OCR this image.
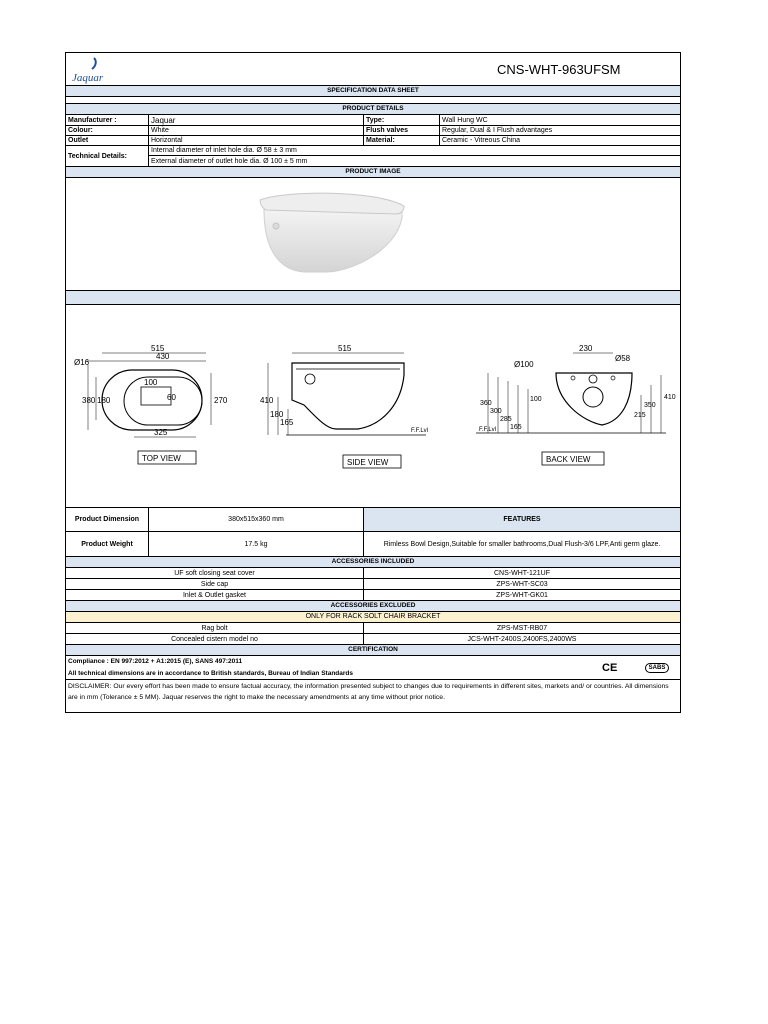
Jaquar
CNS-WHT-963UFSM
SPECIFICATION DATA SHEET
PRODUCT DETAILS
Manufacturer :	Jaquar	Type:	Wall Hung WC
Colour:	White	Flush valves	Regular, Dual & I Flush advantages
Outlet	Horizontal	Material:	Ceramic - Vitreous China
Technical Details:
Internal diameter of inlet hole dia. Ø 58 ± 3 mm
External diameter of outlet hole dia. Ø 100 ± 5 mm
PRODUCT IMAGE
515
430
Ø16
100
60
180
380	270
325
TOP VIEW
515
410
180
165
F.F.Lvl
SIDE VIEW
Ø100
230
Ø58
360
300
285
165
100
215
350
410
F.F.Lvl
BACK VIEW
Product Dimension	380x515x360 mm	FEATURES
Product Weight	17.5 kg	Rimless Bowl Design,Suitable for smaller bathrooms,Dual Flush-3/6 LPF,Anti germ glaze.
ACCESSORIES INCLUDED
UF soft closing seat cover	CNS-WHT-121UF
Side cap	ZPS-WHT-SC03
Inlet & Outlet gasket	ZPS-WHT-GK01
ACCESSORIES EXCLUDED
ONLY FOR RACK SOLT CHAIR BRACKET
Rag bolt	ZPS-MST-RB07
Concealed cistern model no	JCS-WHT-2400S,2400FS,2400WS
CERTIFICATION
Compliance : EN 997:2012 + A1:2015 (E), SANS 497:2011
All technical dimensions are in accordance to British standards, Bureau of Indian Standards	CE	SABS
DISCLAIMER: Our every effort has been made to ensure factual accuracy, the information presented subject to changes due to requirements in different sites, markets and/ or countries. All dimensions are in mm (Tolerance ± 5 MM). Jaquar reserves the right to make the necessary amendments at any time without prior notice.
